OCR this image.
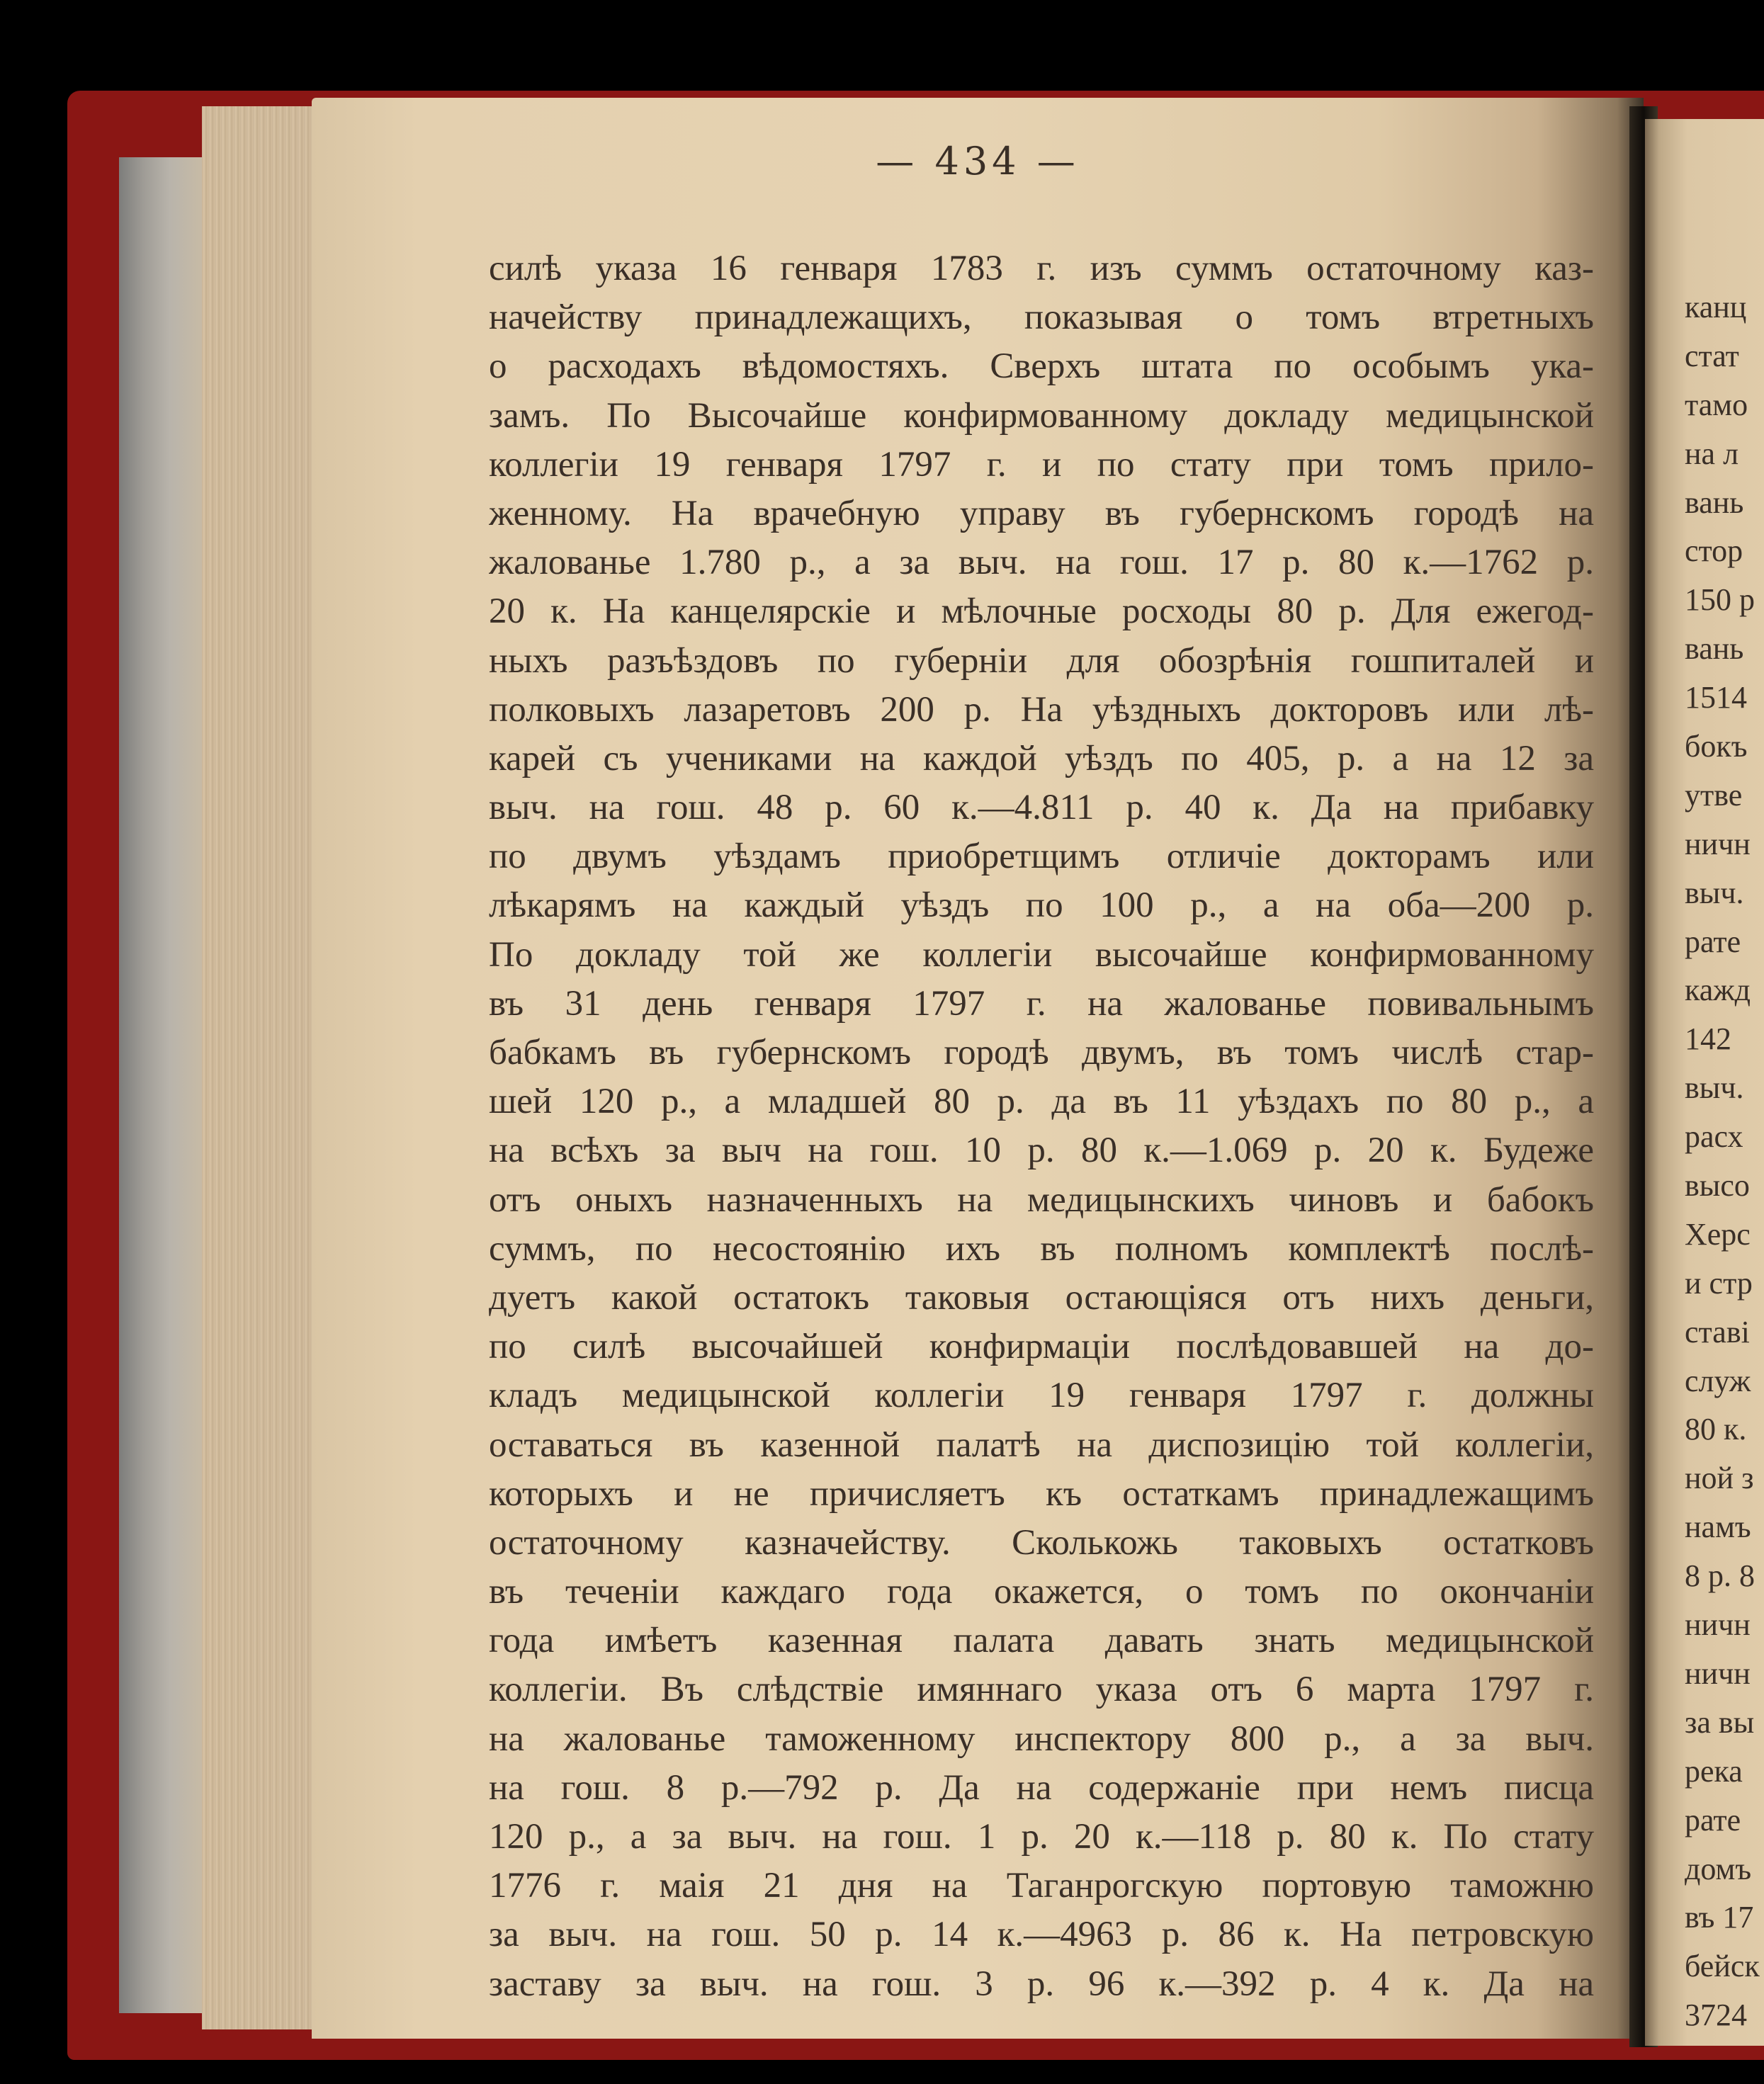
— 434 —
силѣ указа 16 генваря 1783 г. изъ суммъ остаточному каз-
начейству принадлежащихъ, показывая о томъ втретныхъ
о расходахъ вѣдомостяхъ. Сверхъ штата по особымъ ука-
замъ. По Высочайше конфирмованному докладу медицынской
коллегіи 19 генваря 1797 г. и по стату при томъ прило-
женному. На врачебную управу въ губернскомъ городѣ на
жалованье 1.780 р., а за выч. на гош. 17 р. 80 к.—1762 р.
20 к. На канцелярскіе и мѣлочные росходы 80 р. Для ежегод-
ныхъ разъѣздовъ по губерніи для обозрѣнія гошпиталей и
полковыхъ лазаретовъ 200 р. На уѣздныхъ докторовъ или лѣ-
карей съ учениками на каждой уѣздъ по 405, р. а на 12 за
выч. на гош. 48 р. 60 к.—4.811 р. 40 к. Да на прибавку
по двумъ уѣздамъ приобретщимъ отличіе докторамъ или
лѣкарямъ на каждый уѣздъ по 100 р., а на оба—200 р.
По докладу той же коллегіи высочайше конфирмованному
въ 31 день генваря 1797 г. на жалованье повивальнымъ
бабкамъ въ губернскомъ городѣ двумъ, въ томъ числѣ стар-
шей 120 р., а младшей 80 р. да въ 11 уѣздахъ по 80 р., а
на всѣхъ за выч на гош. 10 р. 80 к.—1.069 р. 20 к. Будеже
отъ оныхъ назначенныхъ на медицынскихъ чиновъ и бабокъ
суммъ, по несостоянію ихъ въ полномъ комплектѣ послѣ-
дуетъ какой остатокъ таковыя остающіяся отъ нихъ деньги,
по силѣ высочайшей конфирмаціи послѣдовавшей на до-
кладъ медицынской коллегіи 19 генваря 1797 г. должны
оставаться въ казенной палатѣ на диспозицію той коллегіи,
которыхъ и не причисляетъ къ остаткамъ принадлежащимъ
остаточному казначейству. Сколькожь таковыхъ остатковъ
въ теченіи каждаго года окажется, о томъ по окончаніи
года имѣетъ казенная палата давать знать медицынской
коллегіи. Въ слѣдствіе имяннаго указа отъ 6 марта 1797 г.
на жалованье таможенному инспектору 800 р., а за выч.
на гош. 8 р.—792 р. Да на содержаніе при немъ писца
120 р., а за выч. на гош. 1 р. 20 к.—118 р. 80 к. По стату
1776 г. маія 21 дня на Таганрогскую портовую таможню
за выч. на гош. 50 р. 14 к.—4963 р. 86 к. На петровскую
заставу за выч. на гош. 3 р. 96 к.—392 р. 4 к. Да на
канц
стат
тамо
на л
вань
стор
150 р
вань
1514
бокъ
утве
ничн
выч.
рате
кажд
142
выч.
расх
высо
Херс
и стр
ставі
служ
80 к.
ной з
намъ
8 р. 8
ничн
ничн
за вы
река
рате
домъ
въ 17
бейск
3724
